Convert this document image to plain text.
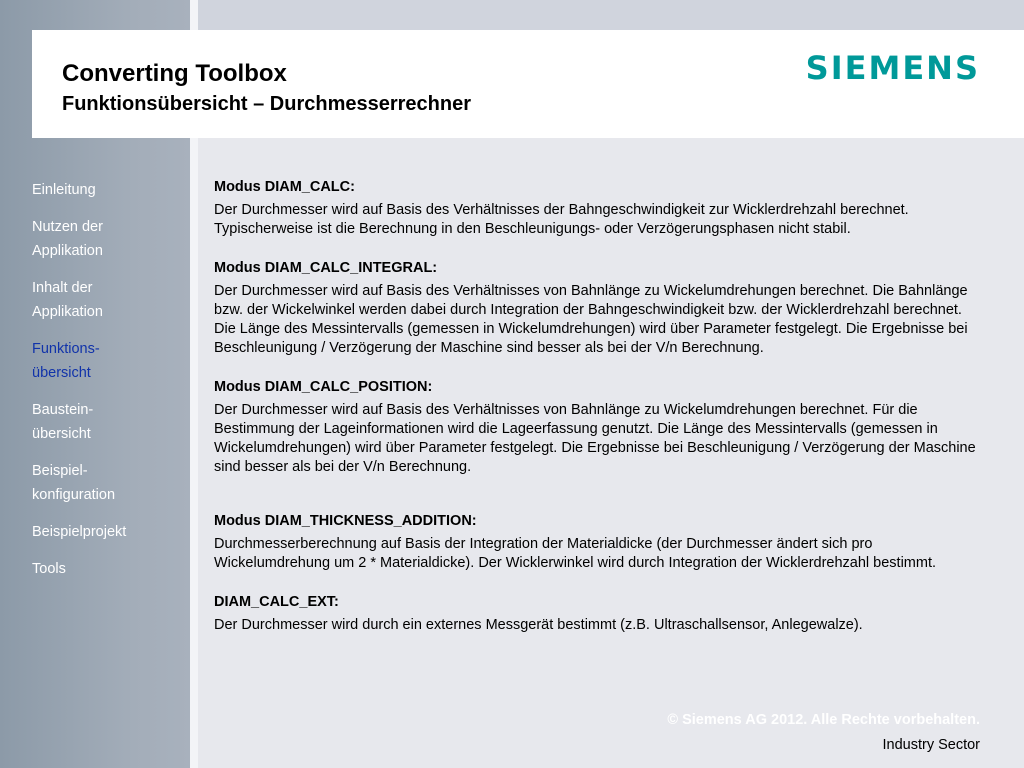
Converting Toolbox
Funktionsübersicht – Durchmesserrechner
SIEMENS
Einleitung
Nutzen der
Applikation
Inhalt der
Applikation
Funktions-
übersicht
Baustein-
übersicht
Beispiel-
konfiguration
Beispielprojekt
Tools
Modus DIAM_CALC:
Der Durchmesser wird auf Basis des Verhältnisses der Bahngeschwindigkeit zur Wicklerdrehzahl berechnet. Typischerweise ist die Berechnung in den Beschleunigungs- oder Verzögerungsphasen nicht stabil.
Modus DIAM_CALC_INTEGRAL:
Der Durchmesser wird auf Basis des Verhältnisses von Bahnlänge zu Wickelumdrehungen berechnet. Die Bahnlänge bzw. der Wickelwinkel werden dabei durch Integration der Bahngeschwindigkeit bzw. der Wicklerdrehzahl berechnet. Die Länge des Messintervalls (gemessen in Wickelumdrehungen) wird über Parameter festgelegt. Die Ergebnisse bei Beschleunigung / Verzögerung der Maschine sind besser als bei der V/n Berechnung.
Modus DIAM_CALC_POSITION:
Der Durchmesser wird auf Basis des Verhältnisses von Bahnlänge zu Wickelumdrehungen berechnet. Für die Bestimmung der Lageinformationen wird die Lageerfassung genutzt. Die Länge des Messintervalls (gemessen in Wickelumdrehungen) wird über Parameter festgelegt. Die Ergebnisse bei Beschleunigung / Verzögerung der Maschine sind besser als bei der V/n Berechnung.
Modus DIAM_THICKNESS_ADDITION:
Durchmesserberechnung auf Basis der Integration der Materialdicke (der Durchmesser ändert sich pro Wickelumdrehung um 2 * Materialdicke). Der Wicklerwinkel wird durch Integration der Wicklerdrehzahl bestimmt.
DIAM_CALC_EXT:
Der Durchmesser wird durch ein externes Messgerät bestimmt (z.B. Ultraschallsensor, Anlegewalze).
© Siemens AG 2012. Alle Rechte vorbehalten.
Industry Sector
